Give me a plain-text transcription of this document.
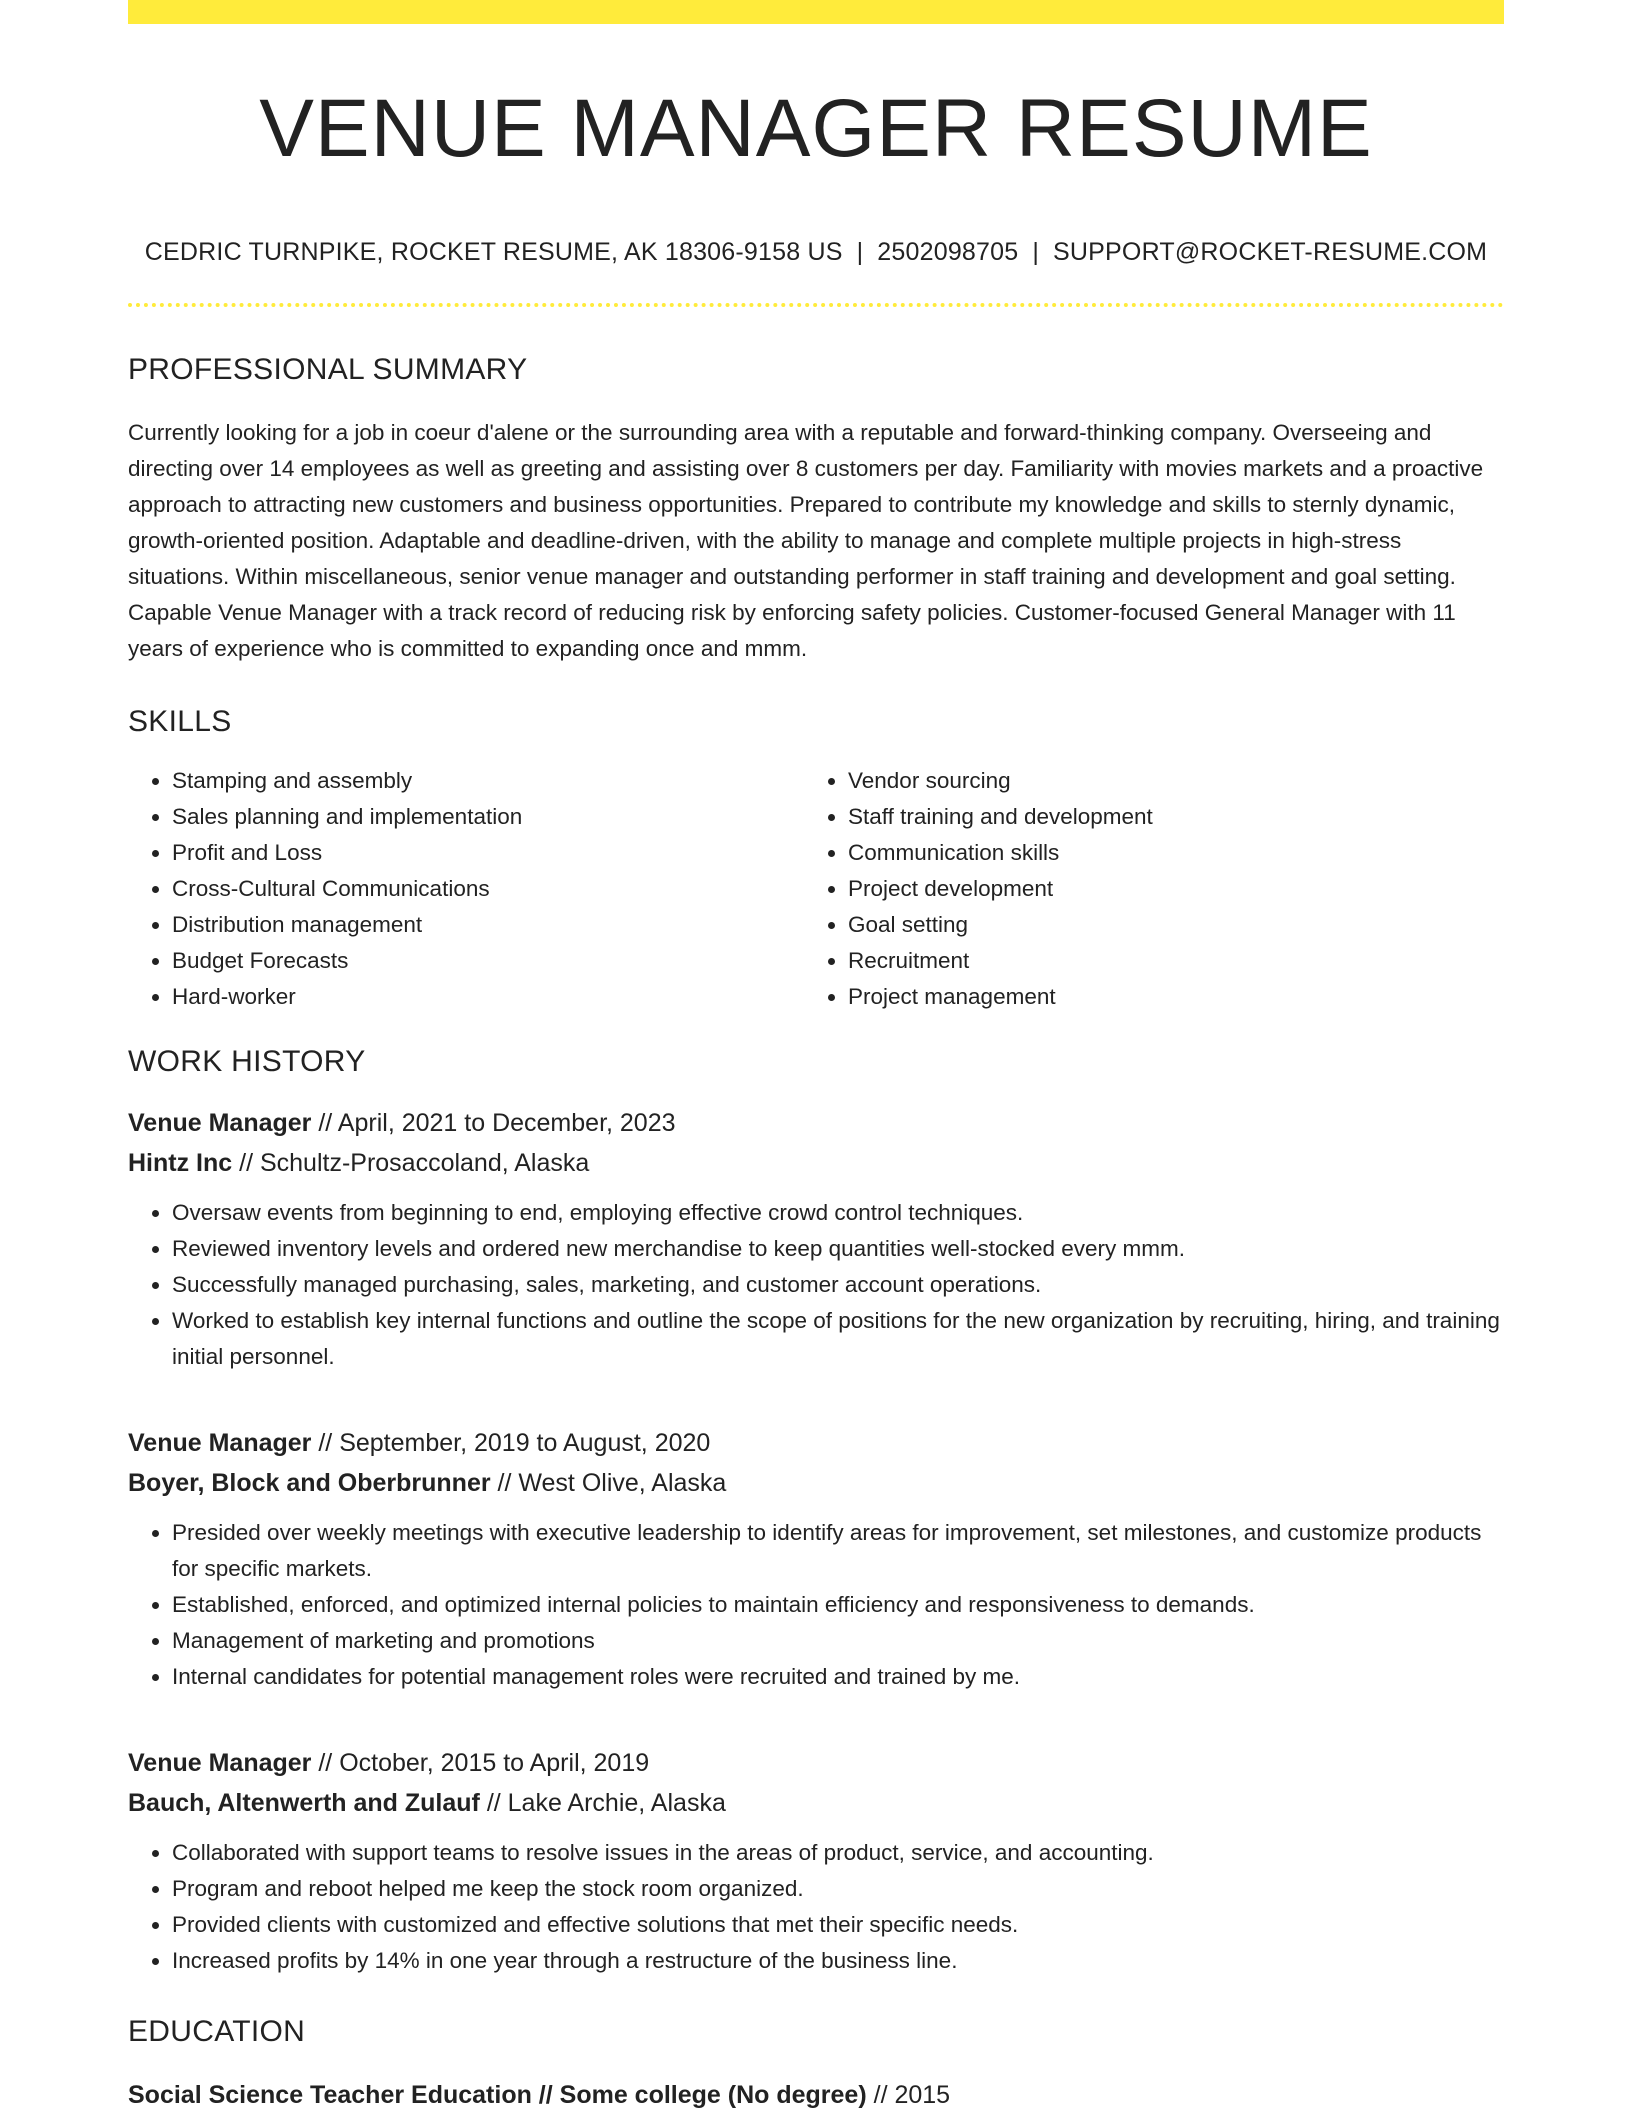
VENUE MANAGER RESUME
CEDRIC TURNPIKE, ROCKET RESUME, AK 18306-9158 US | 2502098705 | SUPPORT@ROCKET-RESUME.COM
PROFESSIONAL SUMMARY
Currently looking for a job in coeur d'alene or the surrounding area with a reputable and forward-thinking company. Overseeing and directing over 14 employees as well as greeting and assisting over 8 customers per day. Familiarity with movies markets and a proactive approach to attracting new customers and business opportunities. Prepared to contribute my knowledge and skills to sternly dynamic, growth-oriented position. Adaptable and deadline-driven, with the ability to manage and complete multiple projects in high-stress situations. Within miscellaneous, senior venue manager and outstanding performer in staff training and development and goal setting. Capable Venue Manager with a track record of reducing risk by enforcing safety policies. Customer-focused General Manager with 11 years of experience who is committed to expanding once and mmm.
SKILLS
• Stamping and assembly
• Sales planning and implementation
• Profit and Loss
• Cross-Cultural Communications
• Distribution management
• Budget Forecasts
• Hard-worker
• Vendor sourcing
• Staff training and development
• Communication skills
• Project development
• Goal setting
• Recruitment
• Project management
WORK HISTORY
Venue Manager // April, 2021 to December, 2023
Hintz Inc // Schultz-Prosaccoland, Alaska
• Oversaw events from beginning to end, employing effective crowd control techniques.
• Reviewed inventory levels and ordered new merchandise to keep quantities well-stocked every mmm.
• Successfully managed purchasing, sales, marketing, and customer account operations.
• Worked to establish key internal functions and outline the scope of positions for the new organization by recruiting, hiring, and training initial personnel.
Venue Manager // September, 2019 to August, 2020
Boyer, Block and Oberbrunner // West Olive, Alaska
• Presided over weekly meetings with executive leadership to identify areas for improvement, set milestones, and customize products for specific markets.
• Established, enforced, and optimized internal policies to maintain efficiency and responsiveness to demands.
• Management of marketing and promotions
• Internal candidates for potential management roles were recruited and trained by me.
Venue Manager // October, 2015 to April, 2019
Bauch, Altenwerth and Zulauf // Lake Archie, Alaska
• Collaborated with support teams to resolve issues in the areas of product, service, and accounting.
• Program and reboot helped me keep the stock room organized.
• Provided clients with customized and effective solutions that met their specific needs.
• Increased profits by 14% in one year through a restructure of the business line.
EDUCATION
Social Science Teacher Education // Some college (No degree) // 2015
